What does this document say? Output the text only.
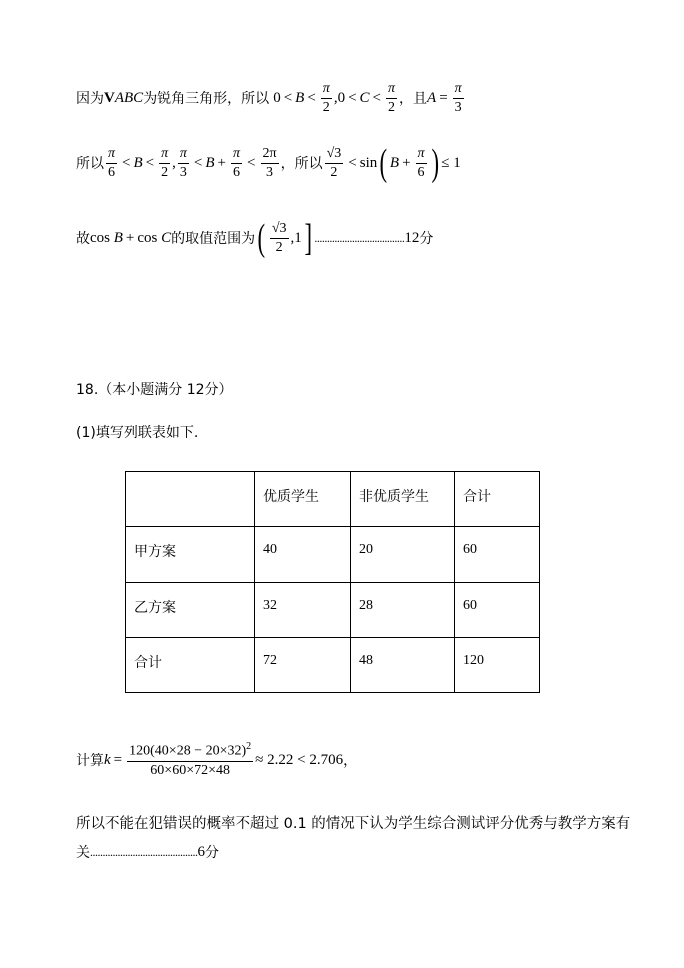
因为 V ABC 为锐角三角形，所以 $0 < B < \frac{\pi}{2}$ , $0 < C < \frac{\pi}{2}$ ，且 $A = \frac{\pi}{3}$
所以 $\frac{\pi}{6} < B < \frac{\pi}{2}$ , $\frac{\pi}{3} < B + \frac{\pi}{6} < \frac{2\pi}{3}$ ，所以 $\frac{√3}{2} < \sin$ ( $B + \frac{\pi}{6}$ ) ≤ 1
故 cos
B + cos
C 的取值范围为 ( $\frac{√3}{2}$ , 1 ] .................................... 12 分
18.（本小题满分 12分）
(1)填写列联表如下.
	优质学生	非优质学生	合计
甲方案	40	20	60
乙方案	32	28	60
合计	72	48	120
计算 $k = \frac{120(40\times 28 - 20\times 32)^2}{60\times 60\times 72\times 48} \approx 2.22 < 2.706$ ，
所以不能在犯错误的概率不超过 0.1 的情况下认为学生综合测试评分优秀与教学方案有
关 ........................................... 6 分
